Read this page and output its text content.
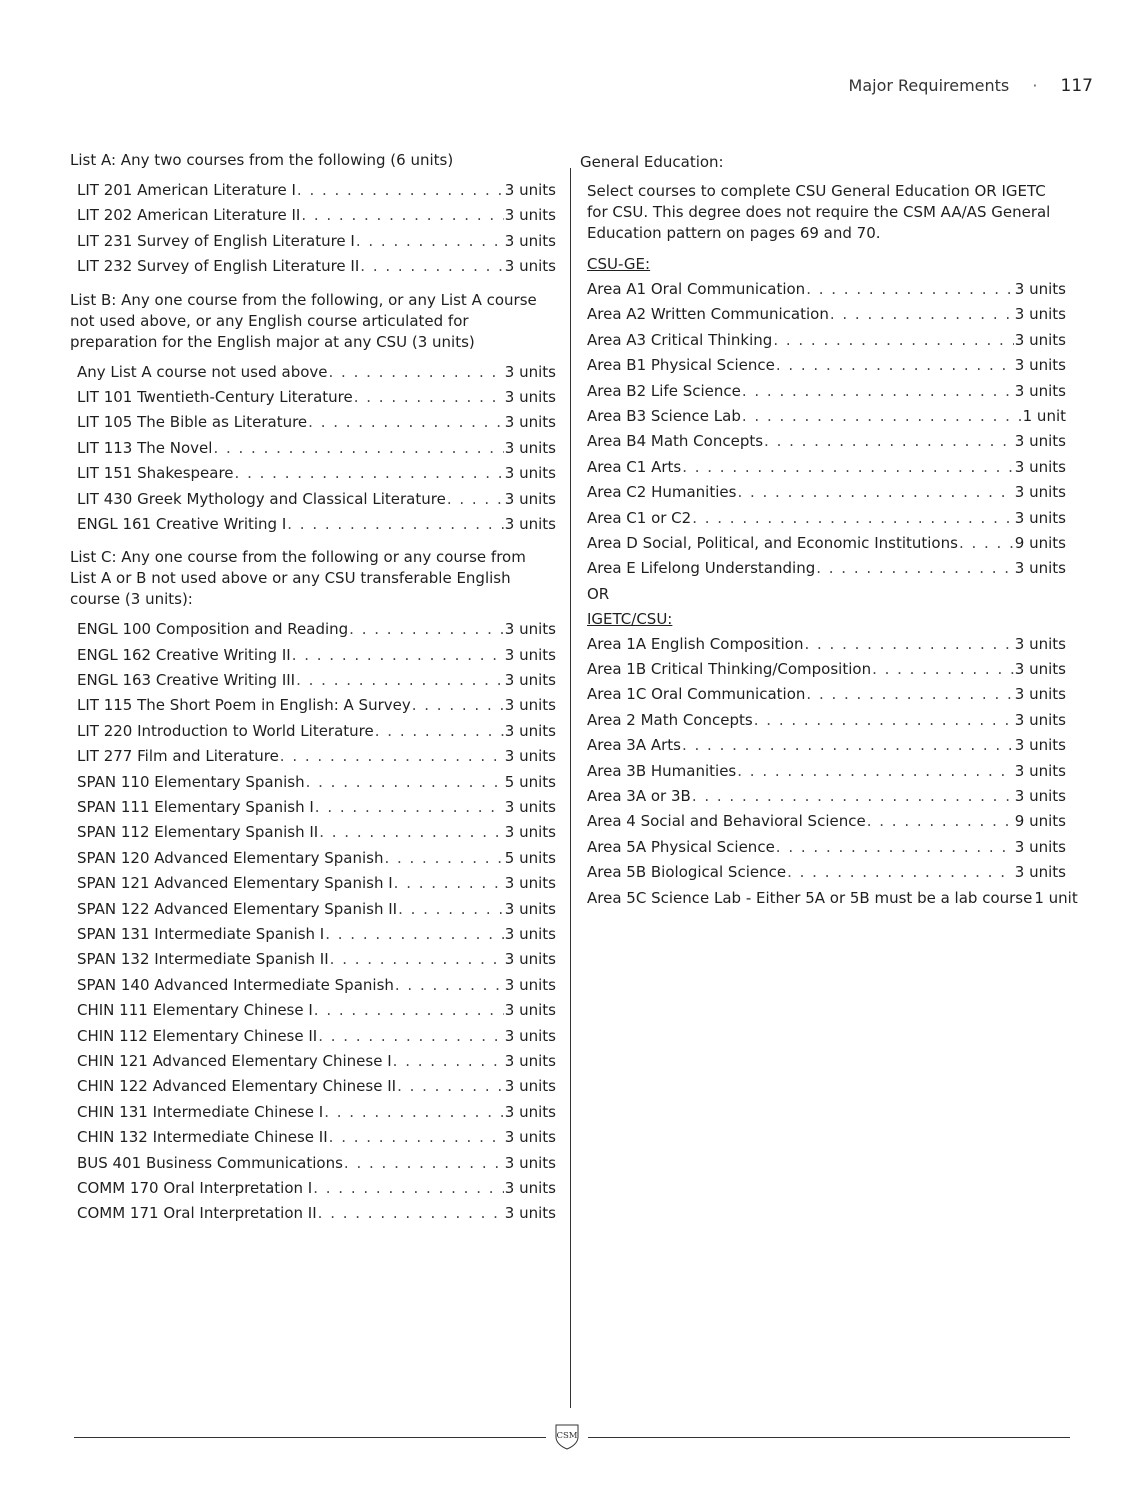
Major Requirements · 117

List A: Any two courses from the following (6 units)

LIT 201 American Literature I . . .	3 units
LIT 202 American Literature II . . .	3 units
LIT 231 Survey of English Literature I . . .	3 units
LIT 232 Survey of English Literature II . . .	3 units

List B: Any one course from the following, or any List A course not used above, or any English course articulated for preparation for the English major at any CSU (3 units)

Any List A course not used above . . .	3 units
LIT 101 Twentieth-Century Literature . . .	3 units
LIT 105 The Bible as Literature . . .	3 units
LIT 113 The Novel . . .	3 units
LIT 151 Shakespeare . . .	3 units
LIT 430 Greek Mythology and Classical Literature . . .	3 units
ENGL 161 Creative Writing I . . .	3 units

List C: Any one course from the following or any course from List A or B not used above or any CSU transferable English course (3 units):

ENGL 100 Composition and Reading . . .	3 units
ENGL 162 Creative Writing II . . .	3 units
ENGL 163 Creative Writing III . . .	3 units
LIT 115 The Short Poem in English: A Survey . . .	3 units
LIT 220 Introduction to World Literature . . .	3 units
LIT 277 Film and Literature . . .	3 units
SPAN 110 Elementary Spanish . . .	5 units
SPAN 111 Elementary Spanish I . . .	3 units
SPAN 112 Elementary Spanish II . . .	3 units
SPAN 120 Advanced Elementary Spanish . . .	5 units
SPAN 121 Advanced Elementary Spanish I . . .	3 units
SPAN 122 Advanced Elementary Spanish II . . .	3 units
SPAN 131 Intermediate Spanish I . . .	3 units
SPAN 132 Intermediate Spanish II . . .	3 units
SPAN 140 Advanced Intermediate Spanish . . .	3 units
CHIN 111 Elementary Chinese I . . .	3 units
CHIN 112 Elementary Chinese II . . .	3 units
CHIN 121 Advanced Elementary Chinese I . . .	3 units
CHIN 122 Advanced Elementary Chinese II . . .	3 units
CHIN 131 Intermediate Chinese I . . .	3 units
CHIN 132 Intermediate Chinese II . . .	3 units
BUS 401 Business Communications . . .	3 units
COMM 170 Oral Interpretation I . . .	3 units
COMM 171 Oral Interpretation II . . .	3 units

General Education:

Select courses to complete CSU General Education OR IGETC for CSU. This degree does not require the CSM AA/AS General Education pattern on pages 69 and 70.

CSU-GE:
Area A1 Oral Communication . . .	3 units
Area A2 Written Communication . . .	3 units
Area A3 Critical Thinking . . .	3 units
Area B1 Physical Science . . .	3 units
Area B2 Life Science . . .	3 units
Area B3 Science Lab . . .	1 unit
Area B4 Math Concepts . . .	3 units
Area C1 Arts . . .	3 units
Area C2 Humanities . . .	3 units
Area C1 or C2 . . .	3 units
Area D Social, Political, and Economic Institutions . . .	9 units
Area E Lifelong Understanding . . .	3 units
OR
IGETC/CSU:
Area 1A English Composition . . .	3 units
Area 1B Critical Thinking/Composition . . .	3 units
Area 1C Oral Communication . . .	3 units
Area 2 Math Concepts . . .	3 units
Area 3A Arts . . .	3 units
Area 3B Humanities . . .	3 units
Area 3A or 3B . . .	3 units
Area 4 Social and Behavioral Science . . .	9 units
Area 5A Physical Science . . .	3 units
Area 5B Biological Science . . .	3 units
Area 5C Science Lab - Either 5A or 5B must be a lab course 1 unit
CSM
